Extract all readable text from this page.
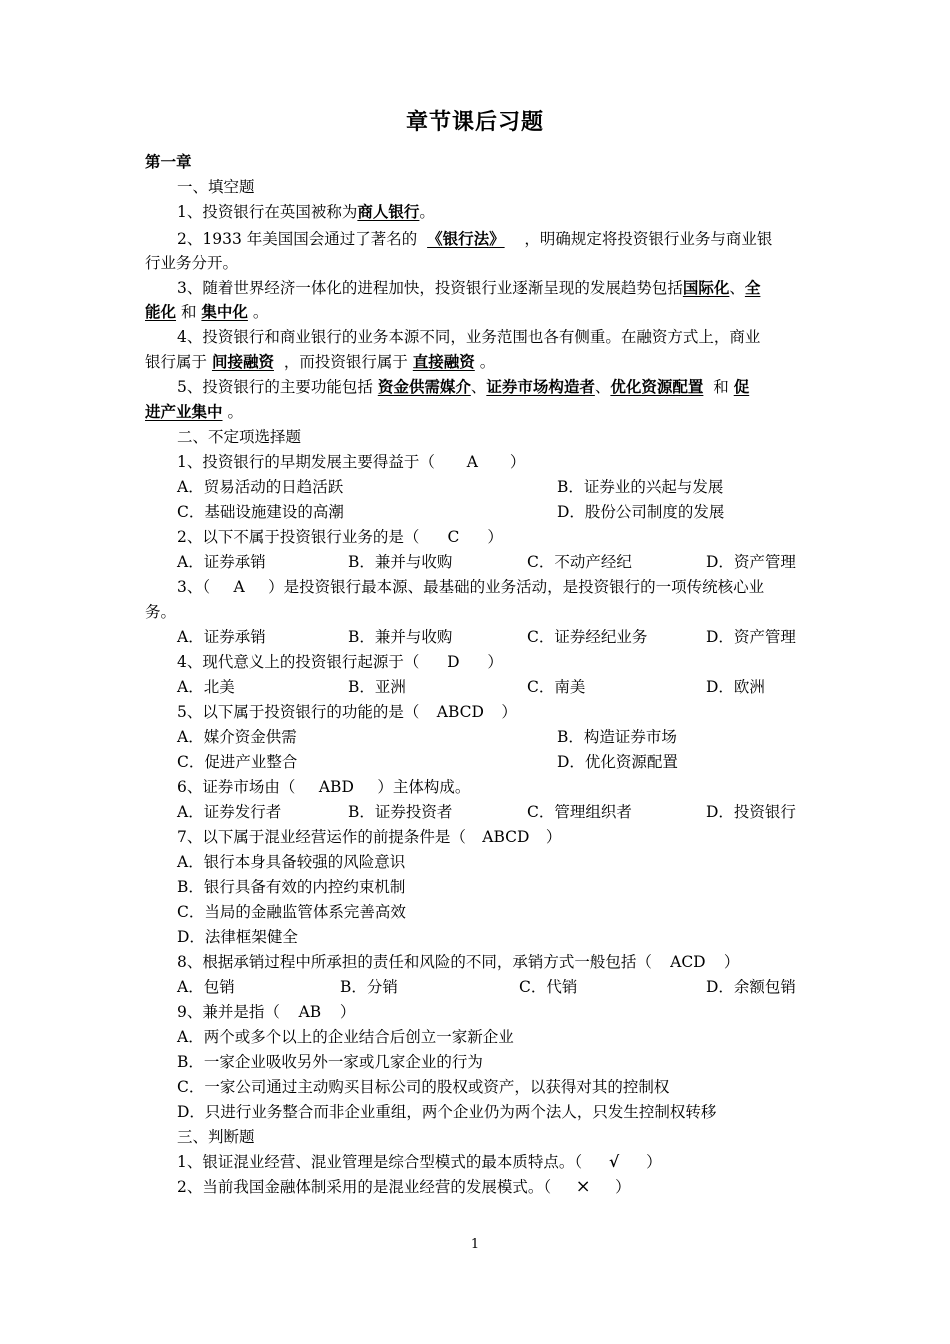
章节课后习题
第一章
一、填空题
1、投资银行在英国被称为商人银行。
2、1933 年美国国会通过了著名的 《银行法》 ，明确规定将投资银行业务与商业银
行业务分开。
3、随着世界经济一体化的进程加快，投资银行业逐渐呈现的发展趋势包括国际化、全
能化 和 集中化 。
4、投资银行和商业银行的业务本源不同，业务范围也各有侧重。在融资方式上，商业
银行属于 间接融资 ，而投资银行属于 直接融资 。
5、投资银行的主要功能包括 资金供需媒介、证券市场构造者、优化资源配置 和 促
进产业集中 。
二、不定项选择题
1、投资银行的早期发展主要得益于（ A ）
A．贸易活动的日趋活跃	B．证券业的兴起与发展
C．基础设施建设的高潮	D．股份公司制度的发展
2、以下不属于投资银行业务的是（ C ）
A．证券承销	B．兼并与收购	C．不动产经纪	D．资产管理
3、（ A ）是投资银行最本源、最基础的业务活动，是投资银行的一项传统核心业
务。
A．证券承销	B．兼并与收购	C．证券经纪业务	D．资产管理
4、现代意义上的投资银行起源于（ D ）
A．北美	B．亚洲	C．南美	D．欧洲
5、以下属于投资银行的功能的是（ ABCD ）
A．媒介资金供需	B．构造证券市场
C．促进产业整合	D．优化资源配置
6、证券市场由（ ABD ）主体构成。
A．证券发行者	B．证券投资者	C．管理组织者	D．投资银行
7、以下属于混业经营运作的前提条件是（ ABCD ）
A．银行本身具备较强的风险意识
B．银行具备有效的内控约束机制
C．当局的金融监管体系完善高效
D．法律框架健全
8、根据承销过程中所承担的责任和风险的不同，承销方式一般包括（ ACD ）
A．包销	B．分销	C．代销	D．余额包销
9、兼并是指（ AB ）
A．两个或多个以上的企业结合后创立一家新企业
B．一家企业吸收另外一家或几家企业的行为
C．一家公司通过主动购买目标公司的股权或资产，以获得对其的控制权
D．只进行业务整合而非企业重组，两个企业仍为两个法人，只发生控制权转移
三、判断题
1、银证混业经营、混业管理是综合型模式的最本质特点。（ √ ）
2、当前我国金融体制采用的是混业经营的发展模式。（ × ）
1
